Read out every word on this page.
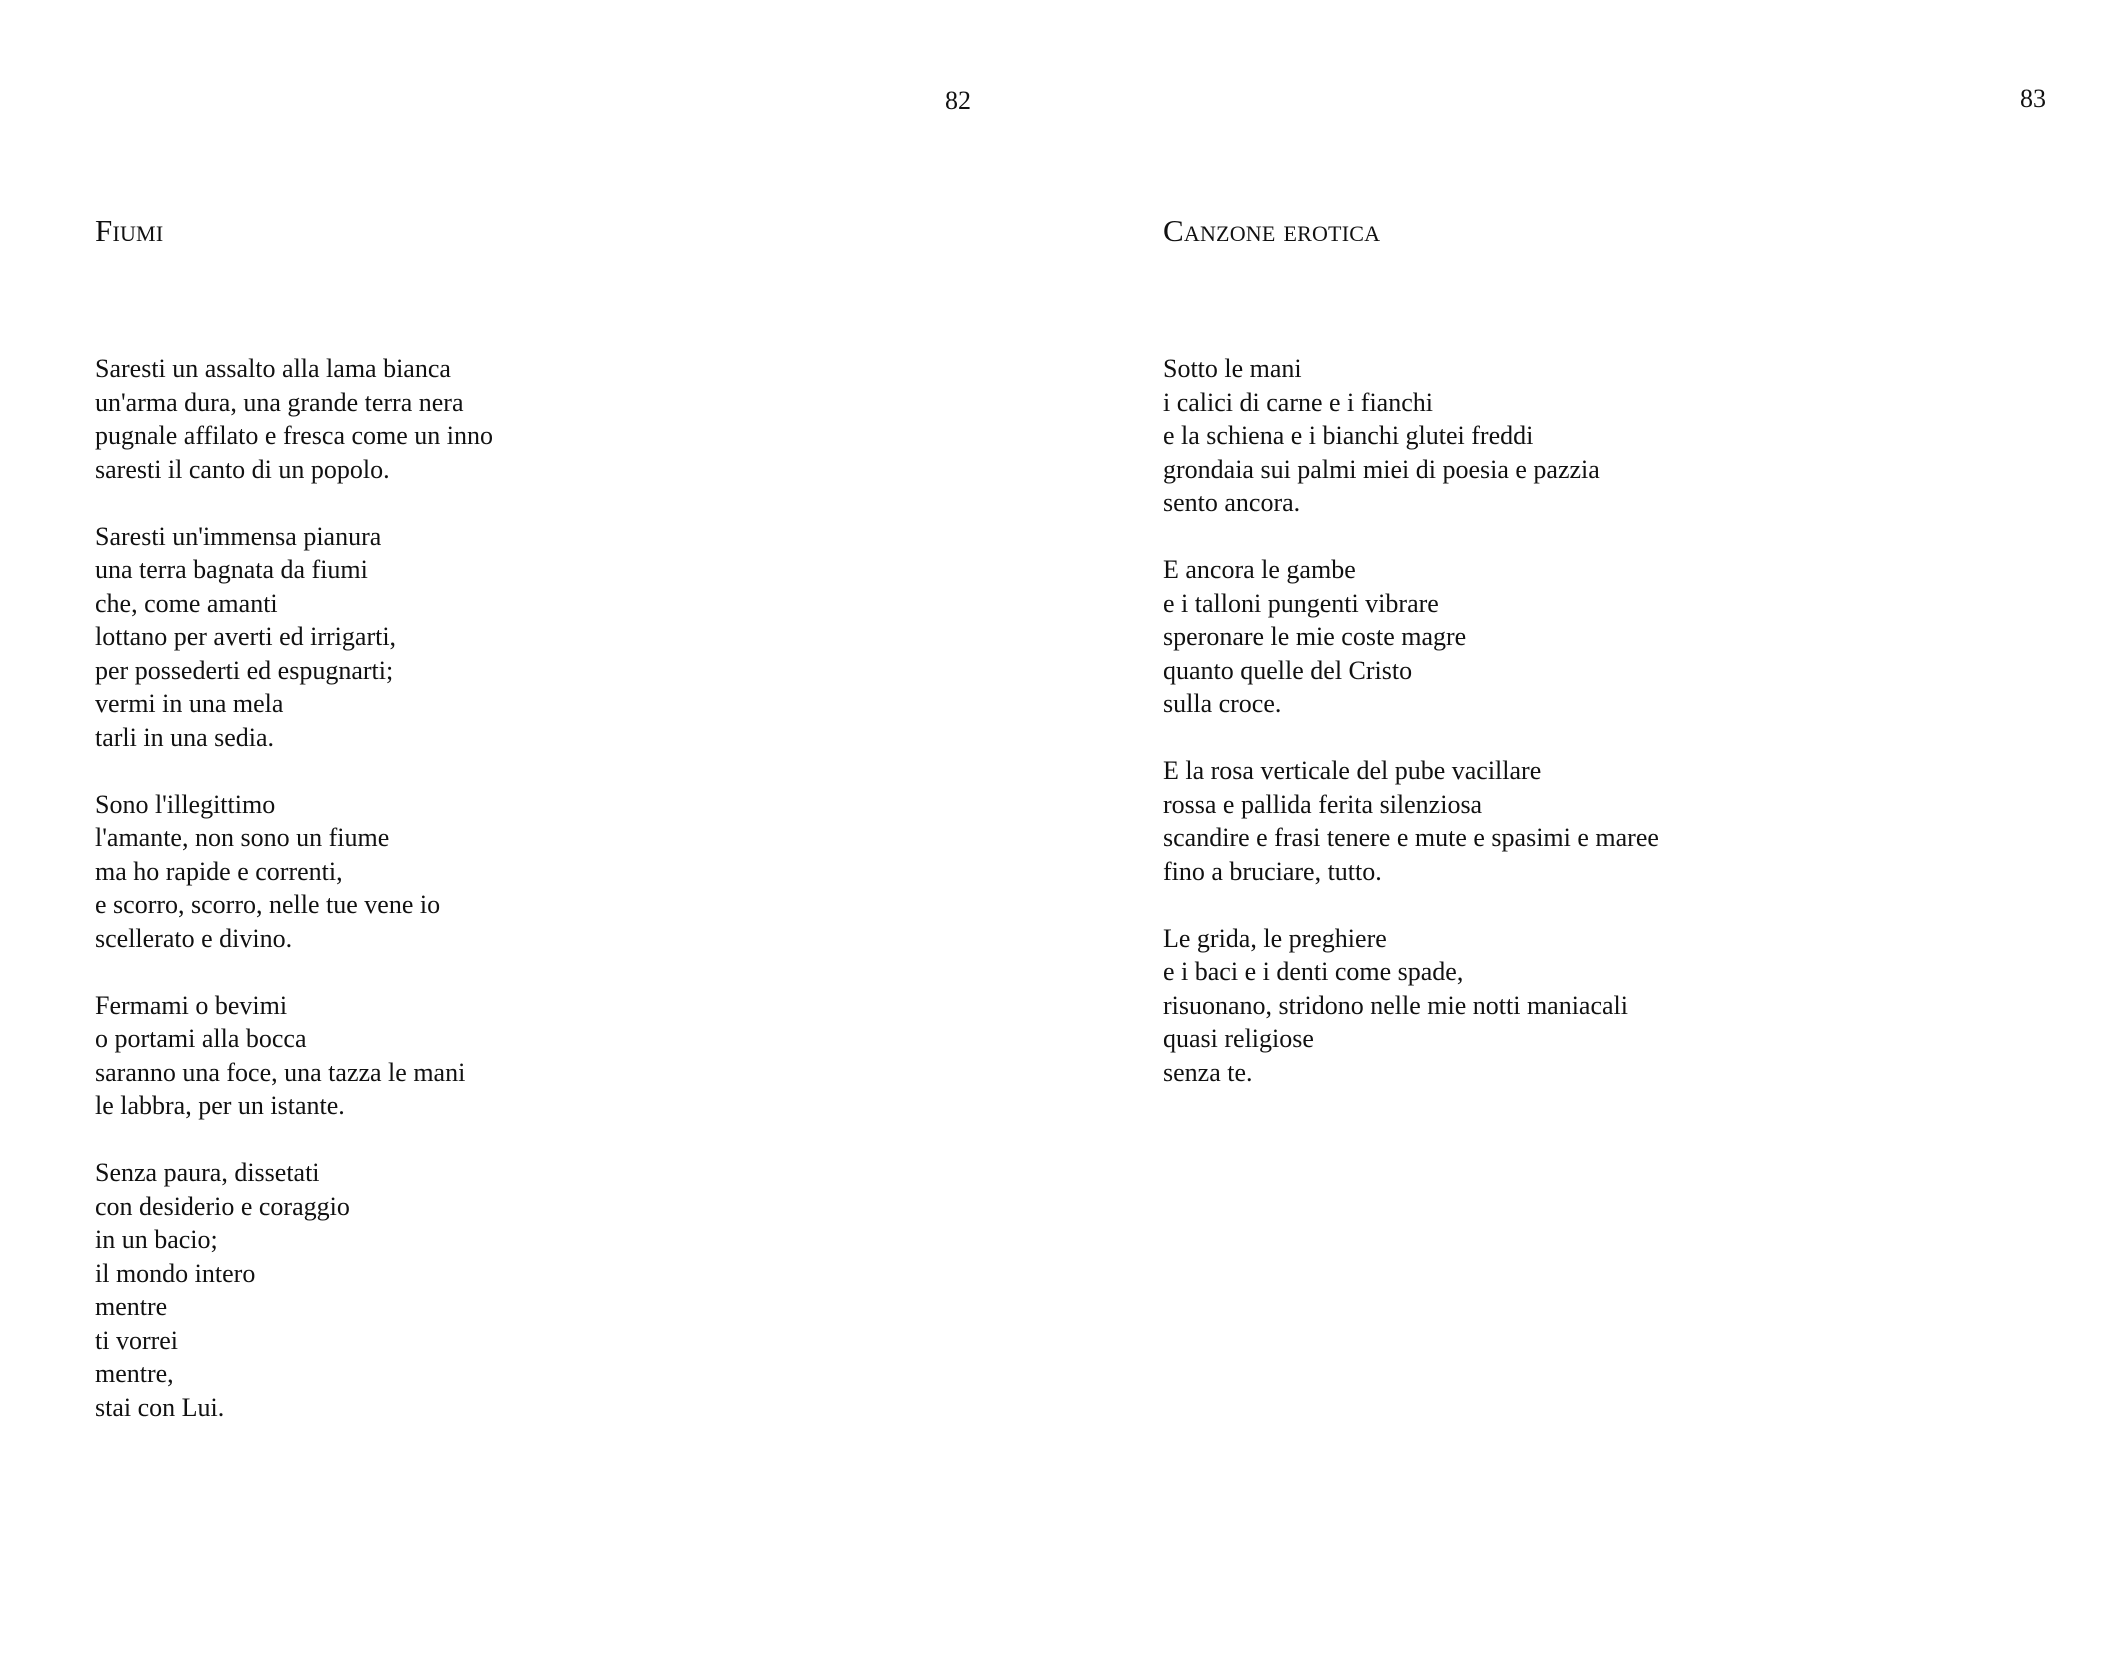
82
Fiumi

Saresti un assalto alla lama bianca
un'arma dura, una grande terra nera
pugnale affilato e fresca come un inno
saresti il canto di un popolo.

Saresti un'immensa pianura
una terra bagnata da fiumi
che, come amanti
lottano per averti ed irrigarti,
per possederti ed espugnarti;
vermi in una mela
tarli in una sedia.

Sono l'illegittimo
l'amante, non sono un fiume
ma ho rapide e correnti,
e scorro, scorro, nelle tue vene io
scellerato e divino.

Fermami o bevimi
o portami alla bocca
saranno una foce, una tazza le mani
le labbra, per un istante.

Senza paura, dissetati
con desiderio e coraggio
in un bacio;
il mondo intero
mentre
ti vorrei
mentre,
stai con Lui.

83
Canzone erotica

Sotto le mani
i calici di carne e i fianchi
e la schiena e i bianchi glutei freddi
grondaia sui palmi miei di poesia e pazzia
sento ancora.

E ancora le gambe
e i talloni pungenti vibrare
speronare le mie coste magre
quanto quelle del Cristo
sulla croce.

E la rosa verticale del pube vacillare
rossa e pallida ferita silenziosa
scandire e frasi tenere e mute e spasimi e maree
fino a bruciare, tutto.

Le grida, le preghiere
e i baci e i denti come spade,
risuonano, stridono nelle mie notti maniacali
quasi religiose
senza te.
